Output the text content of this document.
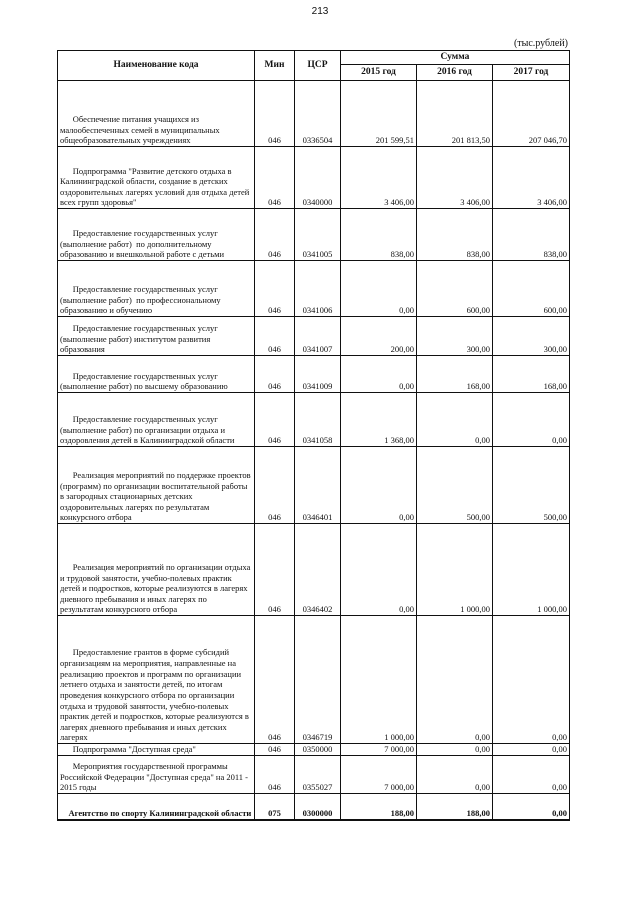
213
(тыс.рублей)
Наименование кода	Мин	ЦСР	Сумма		
			2015 год	2016 год	2017 год
Обеспечение питания учащихся из малообеспеченных семей в муниципальных общеобразовательных учреждениях	046	0336504	201 599,51	201 813,50	207 046,70
Подпрограмма "Развитие детского отдыха в Калининградской области, создание в детских оздоровительных лагерях условий для отдыха детей всех групп здоровья"	046	0340000	3 406,00	3 406,00	3 406,00
Предоставление государственных услуг (выполнение работ)  по дополнительному образованию и внешкольной работе с детьми	046	0341005	838,00	838,00	838,00
Предоставление государственных услуг (выполнение работ)  по профессиональному образованию и обучению	046	0341006	0,00	600,00	600,00
Предоставление государственных услуг (выполнение работ) институтом развития образования	046	0341007	200,00	300,00	300,00
Предоставление государственных услуг (выполнение работ) по высшему образованию	046	0341009	0,00	168,00	168,00
Предоставление государственных услуг (выполнение работ) по организации отдыха и оздоровления детей в Калининградской области	046	0341058	1 368,00	0,00	0,00
Реализация мероприятий по поддержке проектов (программ) по организации воспитательной работы в загородных стационарных детских оздоровительных лагерях по результатам конкурсного отбора	046	0346401	0,00	500,00	500,00
Реализация мероприятий по организации отдыха и трудовой занятости, учебно-полевых практик детей и подростков, которые реализуются в лагерях дневного пребывания и иных лагерях по результатам конкурсного отбора	046	0346402	0,00	1 000,00	1 000,00
Предоставление грантов в форме субсидий организациям на мероприятия, направленные на реализацию проектов и программ по организации летнего отдыха и занятости детей, по итогам проведения конкурсного отбора по организации отдыха и трудовой занятости, учебно-полевых практик детей и подростков, которые реализуются в лагерях дневного пребывания и иных детских лагерях	046	0346719	1 000,00	0,00	0,00
Подпрограмма "Доступная среда"	046	0350000	7 000,00	0,00	0,00
Мероприятия государственной программы Российской Федерации "Доступная среда" на 2011 - 2015 годы	046	0355027	7 000,00	0,00	0,00
Агентство по спорту Калининградской области	075	0300000	188,00	188,00	0,00
